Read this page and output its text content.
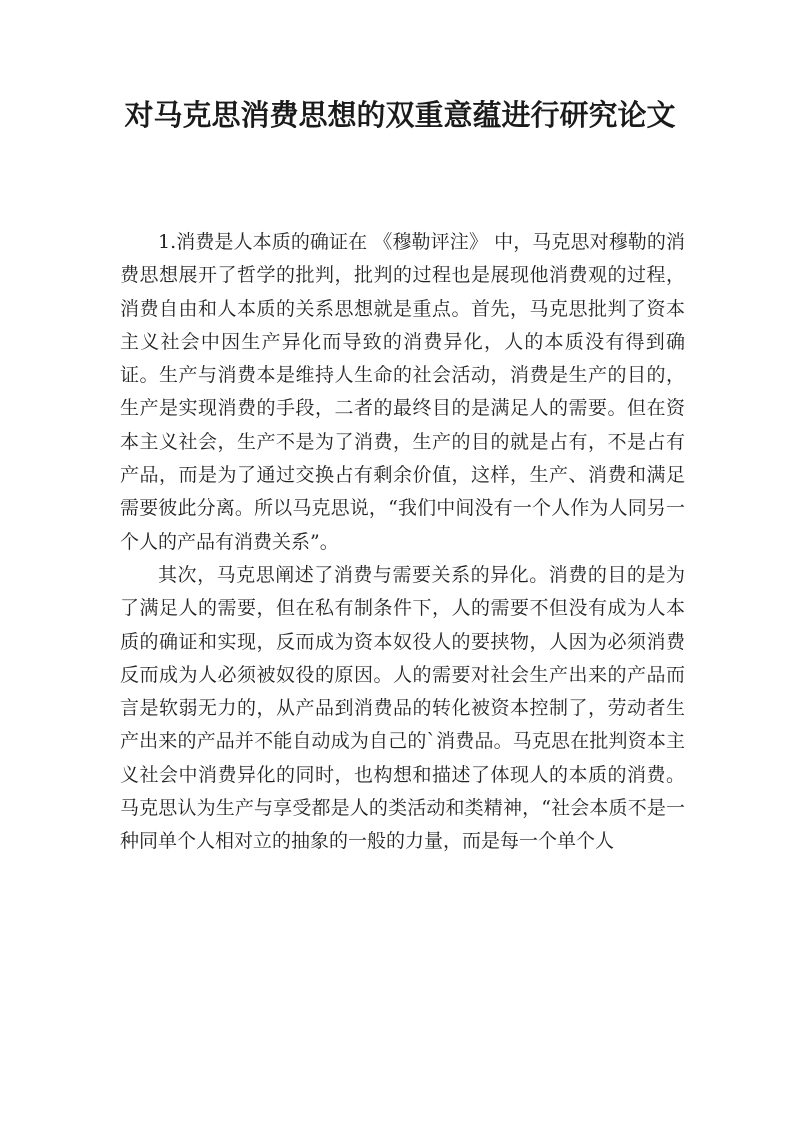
对马克思消费思想的双重意蕴进行研究论文

1.消费是人本质的确证在 《穆勒评注》 中，马克思对穆勒的消费思想展开了哲学的批判，批判的过程也是展现他消费观的过程，消费自由和人本质的关系思想就是重点。首先，马克思批判了资本主义社会中因生产异化而导致的消费异化，人的本质没有得到确证。生产与消费本是维持人生命的社会活动，消费是生产的目的，生产是实现消费的手段，二者的最终目的是满足人的需要。但在资本主义社会，生产不是为了消费，生产的目的就是占有，不是占有产品，而是为了通过交换占有剩余价值，这样，生产、消费和满足需要彼此分离。所以马克思说，“我们中间没有一个人作为人同另一个人的产品有消费关系”。

其次，马克思阐述了消费与需要关系的异化。消费的目的是为了满足人的需要，但在私有制条件下，人的需要不但没有成为人本质的确证和实现，反而成为资本奴役人的要挟物，人因为必须消费反而成为人必须被奴役的原因。人的需要对社会生产出来的产品而言是软弱无力的，从产品到消费品的转化被资本控制了，劳动者生产出来的产品并不能自动成为自己的`消费品。马克思在批判资本主义社会中消费异化的同时，也构想和描述了体现人的本质的消费。马克思认为生产与享受都是人的类活动和类精神，“社会本质不是一种同单个人相对立的抽象的一般的力量，而是每一个单个人
